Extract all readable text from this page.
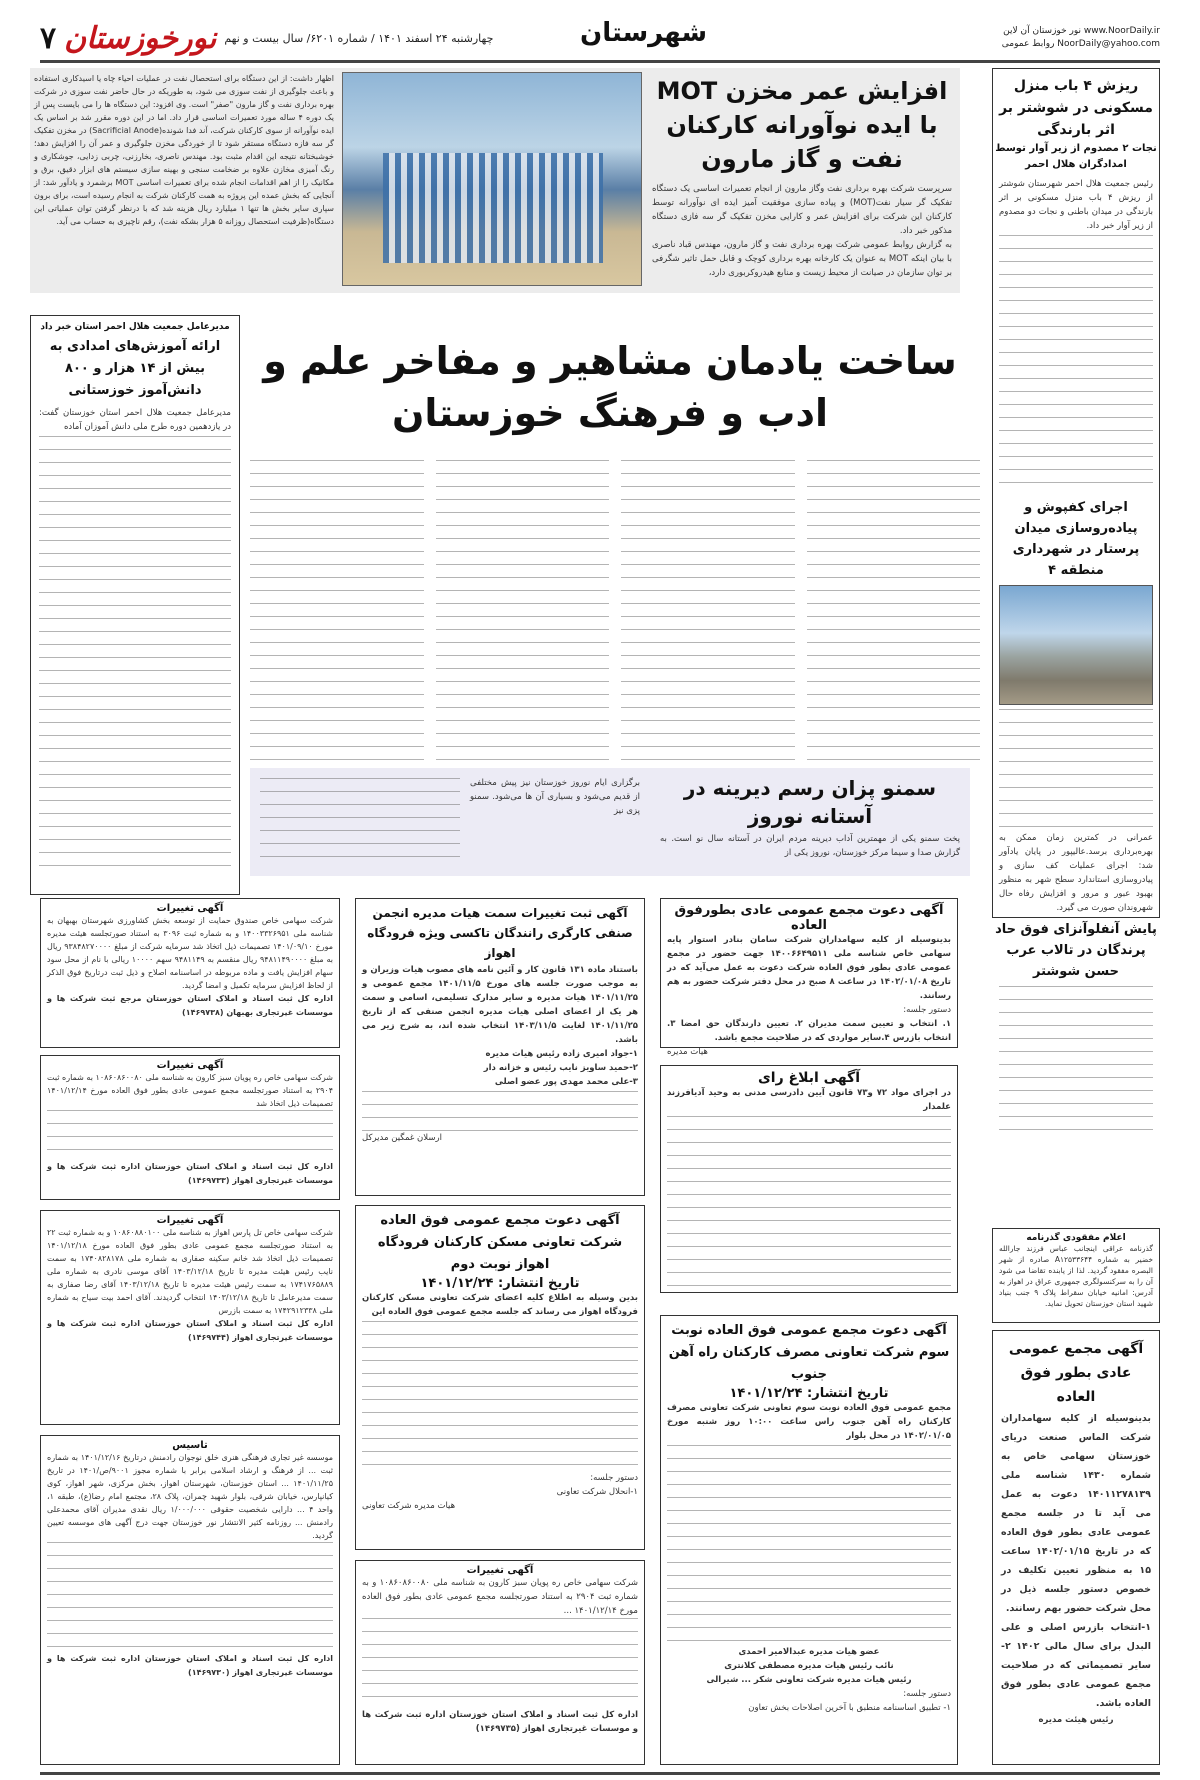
۷ نورخوزستان چهارشنبه ۲۴ اسفند ۱۴۰۱ / شماره ۶۲۰۱/ سال بیست و نهم	شهرستان	نور خوزستان آن لاین www.NoorDaily.ir
روابط عمومی NoorDaily@yahoo.com
افزایش عمر مخزن MOT با ایده نوآورانه کارکنان نفت و گاز مارون
سرپرست شرکت بهره برداری نفت وگاز مارون از انجام تعمیرات اساسی یک دستگاه تفکیک گر سیار نفت(MOT) و پیاده سازی موفقیت آمیز ایده ای نوآورانه توسط کارکنان این شرکت برای افزایش عمر و کارایی مخزن تفکیک گر سه فازی دستگاه مذکور خبر داد.
به گزارش روابط عمومی شرکت بهره برداری نفت و گاز مارون، مهندس قباد ناصری با بیان اینکه MOT به عنوان یک کارخانه بهره برداری کوچک و قابل حمل تاثیر شگرفی بر توان سازمان در صیانت از محیط زیست و منابع هیدروکربوری دارد،
اظهار داشت: از این دستگاه برای استحصال نفت در عملیات احیاء چاه یا اسیدکاری استفاده و باعث جلوگیری از نفت سوزی می شود، به طوریکه در حال حاضر نفت سوزی در شرکت بهره برداری نفت و گاز مارون "صفر" است. وی افزود: این دستگاه ها را می بایست پس از یک دوره ۴ ساله مورد تعمیرات اساسی قرار داد. اما در این دوره مقرر شد بر اساس یک ایده نوآورانه از سوی کارکنان شرکت، آند فدا شونده(Sacrificial Anode) در مخزن تفکیک گر سه فازه دستگاه مستقر شود تا از خوردگی مخزن جلوگیری و عمر آن را افزایش دهد؛ خوشبختانه نتیجه این اقدام مثبت بود. مهندس ناصری، بخارزنی، چربی زدایی، جوشکاری و رنگ آمیزی مخازن علاوه بر ضخامت سنجی و بهینه سازی سیستم های ابزار دقیق، برق و مکانیک را از اهم اقدامات انجام شده برای تعمیرات اساسی MOT برشمرد و یادآور شد: از آنجایی که بخش عمده این پروژه به همت کارکنان شرکت به انجام رسیده است، برای برون سپاری سایر بخش ها تنها ۱ میلیارد ریال هزینه شد که با درنظر گرفتن توان عملیاتی این دستگاه(ظرفیت استحصال روزانه ۵ هزار بشکه نفت)، رقم ناچیزی به حساب می آید.
ریزش ۴ باب منزل مسکونی در شوشتر بر اثر بارندگی
نجات ۲ مصدوم از زیر آوار توسط امدادگران هلال احمر
رئیس جمعیت هلال احمر شهرستان شوشتر از ریزش ۴ باب منزل مسکونی بر اثر بارندگی در میدان باطنی و نجات دو مصدوم از زیر آوار خبر داد.
اجرای کفپوش و پیاده‌روسازی میدان پرستار در شهرداری منطقه ۴
عمرانی در کمترین زمان ممکن به بهره‌برداری برسد.عالیپور در پایان یادآور شد: اجرای عملیات کف سازی و پیادروسازی استاندارد سطح شهر به منظور بهبود عبور و مرور و افزایش رفاه حال شهروندان صورت می گیرد.
پایش آنفلوآنزای فوق حاد پرندگان در تالاب عرب حسن شوشتر
مدیرعامل جمعیت هلال احمر استان خبر داد
ارائه آموزش‌های امدادی به بیش از ۱۴ هزار و ۸۰۰ دانش‌آموز خوزستانی
مدیرعامل جمعیت هلال احمر استان خوزستان گفت: در یازدهمین دوره طرح ملی دانش آموزان آماده
ساخت یادمان مشاهیر و مفاخر علم و ادب و فرهنگ خوزستان
سمنو پزان رسم دیرینه در آستانه نوروز
پخت سمنو یکی از مهمترین آداب دیرینه مردم ایران در آستانه سال نو است. به گزارش صدا و سیما مرکز خوزستان، نوروز یکی از
برگزاری ایام نوروز خوزستان نیز پیش مختلفی از قدیم می‌شود و بسیاری آن ها می‌شود. سمنو پزی نیز
آگهی دعوت مجمع عمومی عادی بطورفوق العاده
بدینوسیله از کلیه سهامداران شرکت سامان بنادر استوار پایه سهامی خاص شناسه ملی ۱۴۰۰۶۶۴۹۵۱۱ جهت حضور در مجمع عمومی عادی بطور فوق العاده شرکت دعوت به عمل می‌آید که در تاریخ ۱۴۰۲/۰۱/۰۸ در ساعت ۸ صبح در محل دفتر شرکت حضور به هم رسانند.
دستور جلسه:
۱. انتخاب و تعیین سمت مدیران ۲. تعیین دارندگان حق امضا ۳. انتخاب بازرس ۴.سایر مواردی که در صلاحیت مجمع باشد.
هیات مدیره
آگهی ابلاغ رای
در اجرای مواد ۷۲ و۷۳ قانون آیین دادرسی مدنی به وحید آدیافرزند علمدار
آگهی دعوت مجمع عمومی فوق العاده نوبت سوم شرکت تعاونی مصرف کارکنان راه آهن جنوب
تاریخ انتشار: ۱۴۰۱/۱۲/۲۴
مجمع عمومی فوق العاده نوبت سوم تعاونی شرکت تعاونی مصرف کارکنان راه آهن جنوب راس ساعت ۱۰:۰۰ روز شنبه مورخ ۱۴۰۲/۰۱/۰۵ در محل بلوار
عضو هیات مدیره عبدالامیر احمدی
نائب رئیس هیات مدیره مصطفی کلانتری
رئیس هیات مدیره شرکت تعاونی شکر ... شیرالی
دستور جلسه:
۱- تطبیق اساسنامه منطبق با آخرین اصلاحات بخش تعاون
آگهی ثبت تغییرات سمت هیات مدیره انجمن صنفی کارگری رانندگان تاکسی ویژه فرودگاه اهواز
باستناد ماده ۱۳۱ قانون کار و آئین نامه های مصوب هیات وزیران و به موجب صورت جلسه های مورخ ۱۴۰۱/۱۱/۵ مجمع عمومی و ۱۴۰۱/۱۱/۲۵ هیات مدیره و سایر مدارک تسلیمی، اسامی و سمت هر یک از اعضای اصلی هیات مدیره انجمن صنفی که از تاریخ ۱۴۰۱/۱۱/۲۵ لغایت ۱۴۰۳/۱۱/۵ انتخاب شده اند، به شرح زیر می باشد.
۱-جواد امیری زاده رئیس هیات مدیره
۲-حمید ساویز نایب رئیس و خزانه دار
۳-علی محمد مهدی پور عضو اصلی
ارسلان غمگین مدیرکل
آگهی دعوت مجمع عمومی فوق العاده شرکت تعاونی مسکن کارکنان فرودگاه اهواز نوبت دوم
تاریخ انتشار: ۱۴۰۱/۱۲/۲۴
بدین وسیله به اطلاع کلیه اعضای شرکت تعاونی مسکن کارکنان فرودگاه اهواز می رساند که جلسه مجمع عمومی فوق العاده این
دستور جلسه:
۱-انحلال شرکت تعاونی
هیات مدیره شرکت تعاونی
آگهی تغییرات
شرکت سهامی خاص ره پویان سبز کارون به شناسه ملی ۱۰۸۶۰۸۶۰۰۸۰ و به شماره ثبت ۲۹۰۴ به استناد صورتجلسه مجمع عمومی عادی بطور فوق العاده مورخ ۱۴۰۱/۱۲/۱۴ ...
اداره کل ثبت اسناد و املاک استان خوزستان اداره ثبت شرکت ها و موسسات غیرتجاری اهواز (۱۴۶۹۷۳۵)
آگهی تغییرات
شرکت سهامی خاص صندوق حمایت از توسعه بخش کشاورزی شهرستان بهبهان به شناسه ملی ۱۴۰۰۳۳۲۶۹۵۱ و به شماره ثبت ۳۰۹۶ به استناد صورتجلسه هیئت مدیره مورخ ۱۴۰۱/۰۹/۱۰ تصمیمات ذیل اتخاذ شد سرمایه شرکت از مبلغ ۹۳۸۴۸۲۷۰۰۰۰ ریال به مبلغ ۹۴۸۱۱۴۹۰۰۰۰ ریال منقسم به ۹۴۸۱۱۴۹ سهم ۱۰۰۰۰ ریالی با نام از محل سود سهام افزایش یافت و ماده مربوطه در اساسنامه اصلاح و ذیل ثبت درتاریخ فوق الذکر از لحاظ افزایش سرمایه تکمیل و امضا گردید.
اداره کل ثبت اسناد و املاک استان خوزستان مرجع ثبت شرکت ها و موسسات غیرتجاری بهبهان (۱۴۶۹۷۳۸)
آگهی تغییرات
شرکت سهامی خاص ره پویان سبز کارون به شناسه ملی ۱۰۸۶۰۸۶۰۰۸۰ به شماره ثبت ۲۹۰۴ به استناد صورتجلسه مجمع عمومی عادی بطور فوق العاده مورخ ۱۴۰۱/۱۲/۱۴ تصمیمات ذیل اتخاذ شد
اداره کل ثبت اسناد و املاک استان خوزستان اداره ثبت شرکت ها و موسسات غیرتجاری اهواز (۱۴۶۹۷۳۳)
آگهی تغییرات
شرکت سهامی خاص تل پارس اهواز به شناسه ملی ۱۰۸۶۰۸۸۰۱۰۰ و به شماره ثبت ۲۲ به استناد صورتجلسه مجمع عمومی عادی بطور فوق العاده مورخ ۱۴۰۱/۱۲/۱۸ تصمیمات ذیل اتخاذ شد خانم سکینه صفاری به شماره ملی ۱۷۴۰۸۲۸۱۷۸ به سمت نایب رئیس هیئت مدیره تا تاریخ ۱۴۰۳/۱۲/۱۸ آقای موسی نادری به شماره ملی ۱۷۴۱۷۶۵۸۸۹ به سمت رئیس هیئت مدیره تا تاریخ ۱۴۰۳/۱۲/۱۸ آقای رضا صفاری به سمت مدیرعامل تا تاریخ ۱۴۰۳/۱۲/۱۸ انتخاب گردیدند. آقای احمد بیت سیاح به شماره ملی ۱۷۴۲۹۱۲۳۳۸ به سمت بازرس
اداره کل ثبت اسناد و املاک استان خوزستان اداره ثبت شرکت ها و موسسات غیرتجاری اهواز (۱۴۶۹۷۴۴)
تاسیس
موسسه غیر تجاری فرهنگی هنری خلق نوجوان رادمنش درتاریخ ۱۴۰۱/۱۲/۱۶ به شماره ثبت ... از فرهنگ و ارشاد اسلامی برابر با شماره مجوز ۹۰۰۱/ص/۱۴۰۱ در تاریخ ۱۴۰۱/۱۱/۲۵ ... استان خوزستان، شهرستان اهواز، بخش مرکزی، شهر اهواز، کوی کیانپارس، خیابان شرقی، بلوار شهید چمران، پلاک ۲۸، مجتمع امام رضا(ع)، طبقه ۱، واحد ۴ ... دارایی شخصیت حقوقی ۱/۰۰۰/۰۰۰ ریال نقدی مدیران آقای محمدعلی رادمنش ... روزنامه کثیر الانتشار نور خوزستان جهت درج آگهی های موسسه تعیین گردید.
اداره کل ثبت اسناد و املاک استان خوزستان اداره ثبت شرکت ها و موسسات غیرتجاری اهواز (۱۴۶۹۷۳۰)
اعلام مفقودی گذرنامه
گذرنامه عراقی اینجانب عباس فرزند جارالله خضیر به شماره A۱۲۵۳۳۶۴۴ صادره از شهر البصره مفقود گردید. لذا از یابنده تقاضا می شود آن را به سرکنسولگری جمهوری عراق در اهواز به آدرس: امانیه خیابان سقراط پلاک ۹ جنب بنیاد شهید استان خوزستان تحویل نماید.
آگهی مجمع عمومی عادی بطور فوق العاده
بدینوسیله از کلیه سهامداران شرکت الماس صنعت دریای خوزستان سهامی خاص به شماره ۱۴۳۰ شناسه ملی ۱۴۰۱۱۲۷۸۱۳۹ دعوت به عمل می آید تا در جلسه مجمع عمومی عادی بطور فوق العاده که در تاریخ ۱۴۰۲/۰۱/۱۵ ساعت ۱۵ به منظور تعیین تکلیف در خصوص دستور جلسه ذیل در محل شرکت حضور بهم رسانند.
۱-انتخاب بازرس اصلی و علی البدل برای سال مالی ۱۴۰۲ ۲-سایر تصمیماتی که در صلاحیت مجمع عمومی عادی بطور فوق العاده باشد.
رئیس هیئت مدیره
